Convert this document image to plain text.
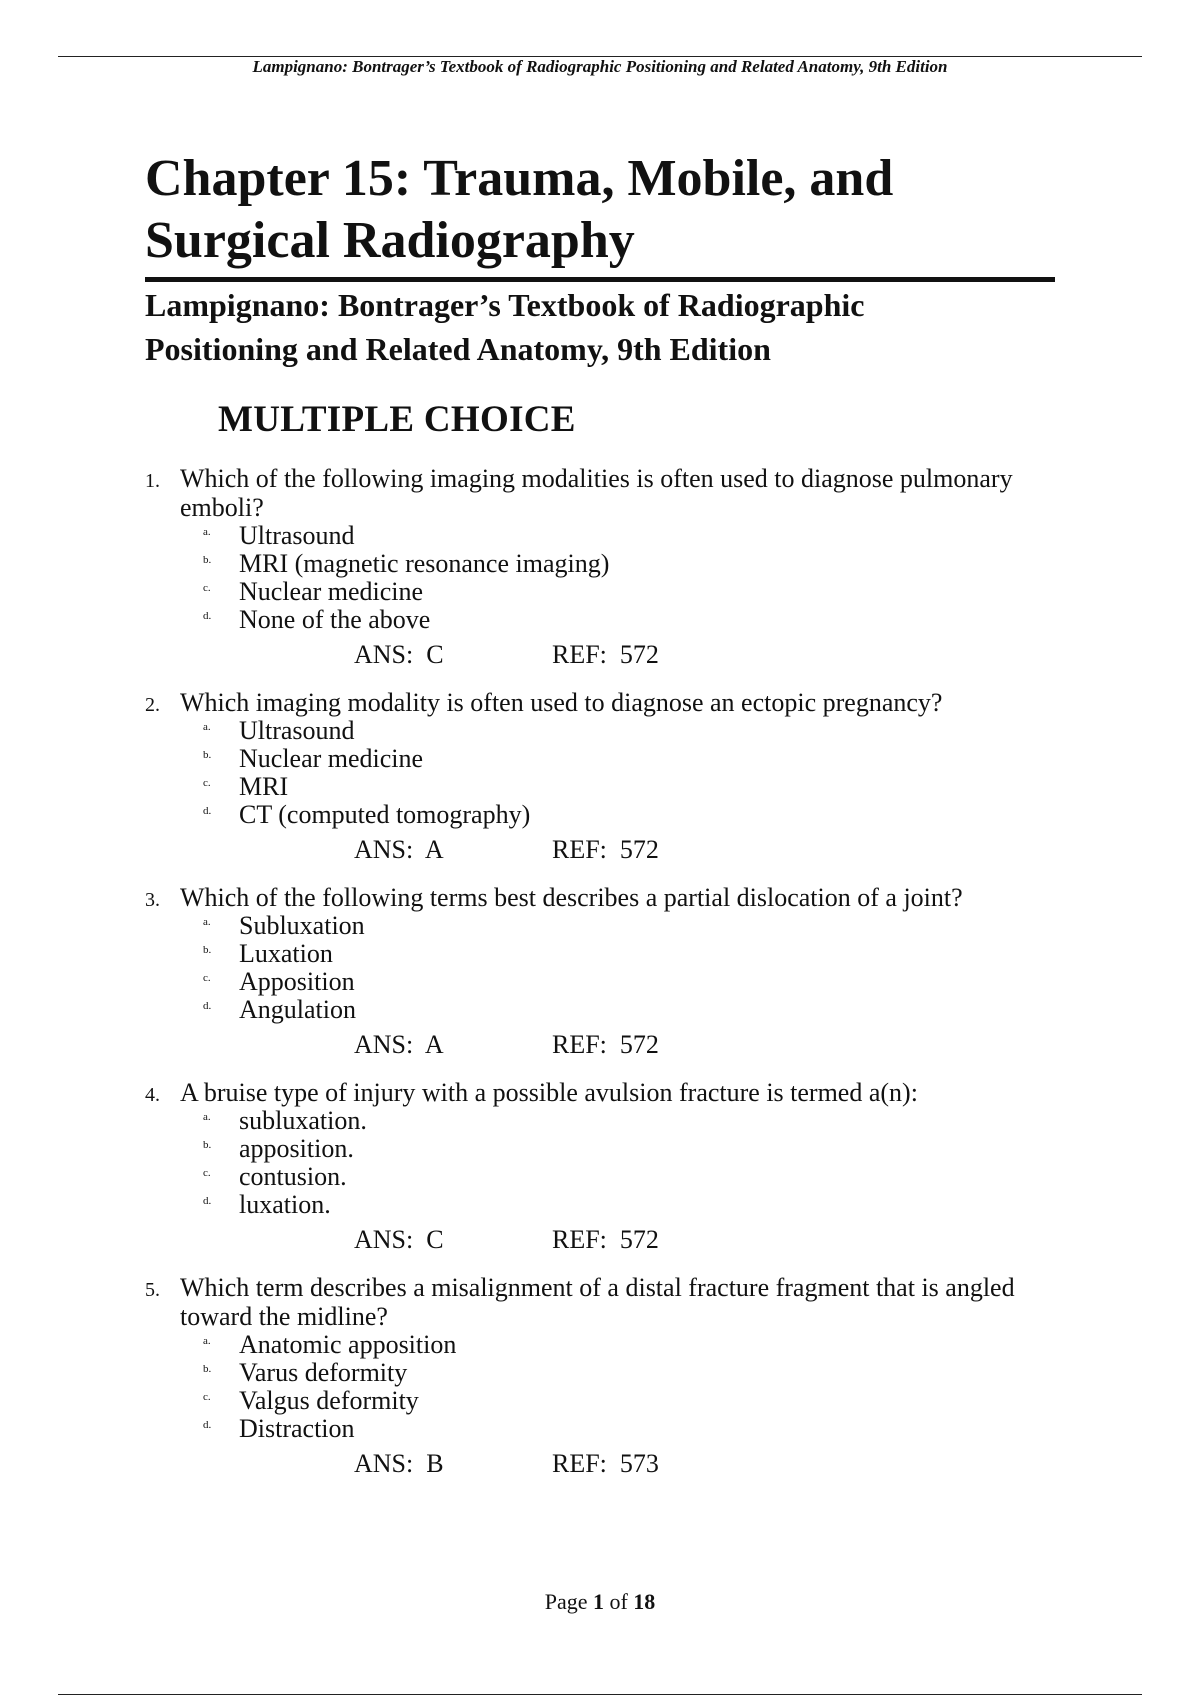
Lampignano: Bontrager’s Textbook of Radiographic Positioning and Related Anatomy, 9th Edition
Chapter 15: Trauma, Mobile, and
Surgical Radiography
Lampignano: Bontrager’s Textbook of Radiographic
Positioning and Related Anatomy, 9th Edition
MULTIPLE CHOICE
1. Which of the following imaging modalities is often used to diagnose pulmonary emboli?
a. Ultrasound
b. MRI (magnetic resonance imaging)
c. Nuclear medicine
d. None of the above
ANS: C	REF: 572
2. Which imaging modality is often used to diagnose an ectopic pregnancy?
a. Ultrasound
b. Nuclear medicine
c. MRI
d. CT (computed tomography)
ANS: A	REF: 572
3. Which of the following terms best describes a partial dislocation of a joint?
a. Subluxation
b. Luxation
c. Apposition
d. Angulation
ANS: A	REF: 572
4. A bruise type of injury with a possible avulsion fracture is termed a(n):
a. subluxation.
b. apposition.
c. contusion.
d. luxation.
ANS: C	REF: 572
5. Which term describes a misalignment of a distal fracture fragment that is angled toward the midline?
a. Anatomic apposition
b. Varus deformity
c. Valgus deformity
d. Distraction
ANS: B	REF: 573
Page 1 of 18
